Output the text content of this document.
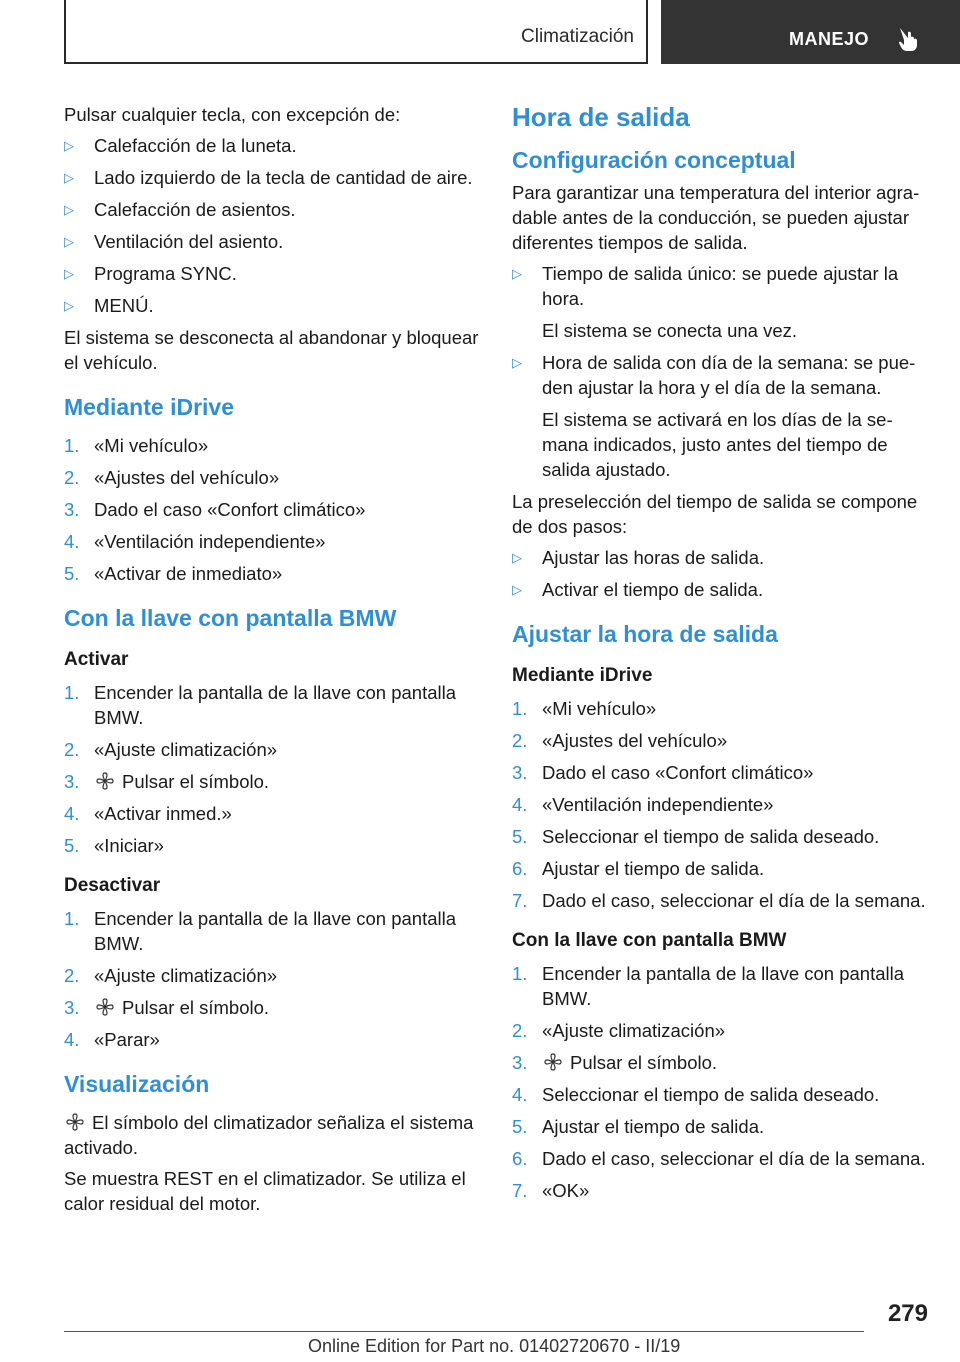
Climatización	MANEJO
Pulsar cualquier tecla, con excepción de:
▷ Calefacción de la luneta.
▷ Lado izquierdo de la tecla de cantidad de aire.
▷ Calefacción de asientos.
▷ Ventilación del asiento.
▷ Programa SYNC.
▷ MENÚ.
El sistema se desconecta al abandonar y bloquear el vehículo.
Mediante iDrive
1. «Mi vehículo»
2. «Ajustes del vehículo»
3. Dado el caso «Confort climático»
4. «Ventilación independiente»
5. «Activar de inmediato»
Con la llave con pantalla BMW
Activar
1. Encender la pantalla de la llave con pantalla BMW.
2. «Ajuste climatización»
3. Pulsar el símbolo.
4. «Activar inmed.»
5. «Iniciar»
Desactivar
1. Encender la pantalla de la llave con pantalla BMW.
2. «Ajuste climatización»
3. Pulsar el símbolo.
4. «Parar»
Visualización
El símbolo del climatizador señaliza el sistema activado.
Se muestra REST en el climatizador. Se utiliza el calor residual del motor.
Hora de salida
Configuración conceptual
Para garantizar una temperatura del interior agradable antes de la conducción, se pueden ajustar diferentes tiempos de salida.
▷ Tiempo de salida único: se puede ajustar la hora.
El sistema se conecta una vez.
▷ Hora de salida con día de la semana: se pueden ajustar la hora y el día de la semana.
El sistema se activará en los días de la semana indicados, justo antes del tiempo de salida ajustado.
La preselección del tiempo de salida se compone de dos pasos:
▷ Ajustar las horas de salida.
▷ Activar el tiempo de salida.
Ajustar la hora de salida
Mediante iDrive
1. «Mi vehículo»
2. «Ajustes del vehículo»
3. Dado el caso «Confort climático»
4. «Ventilación independiente»
5. Seleccionar el tiempo de salida deseado.
6. Ajustar el tiempo de salida.
7. Dado el caso, seleccionar el día de la semana.
Con la llave con pantalla BMW
1. Encender la pantalla de la llave con pantalla BMW.
2. «Ajuste climatización»
3. Pulsar el símbolo.
4. Seleccionar el tiempo de salida deseado.
5. Ajustar el tiempo de salida.
6. Dado el caso, seleccionar el día de la semana.
7. «OK»
279
Online Edition for Part no. 01402720670 - II/19
